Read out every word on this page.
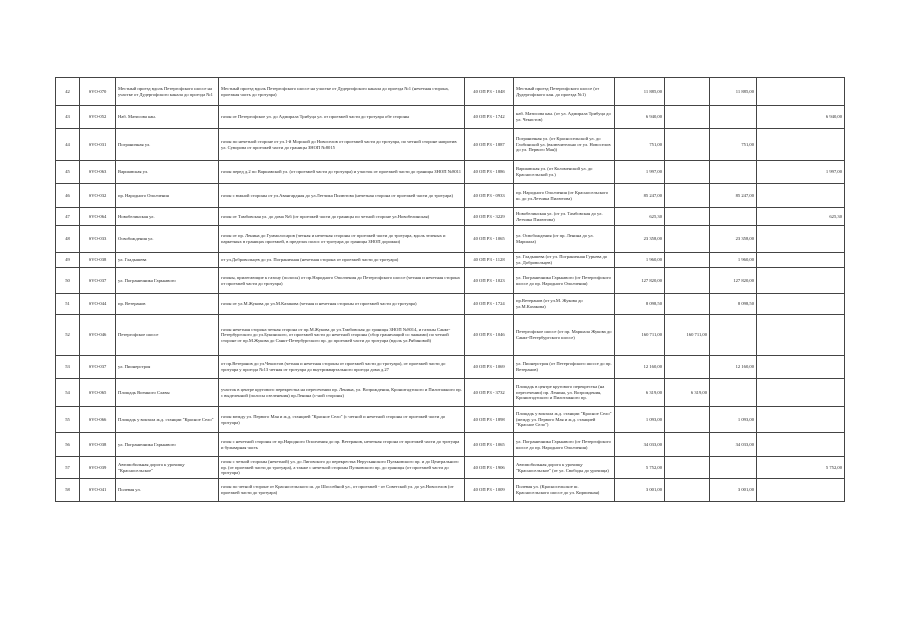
42	SVO-070	Местный проезд вдоль Петергофского шоссе на участке от Дудергофского канала до проезда №1	Местный проезд вдоль Петергофского шоссе на участке от Дудергофского канала до проезда №1 (нечетная сторона, проезжая часть до тротуара)	40 ОП РЗ - 1048	Местный проезд Петергофского шоссе (от Дудергофского кан. до проезда №1)	11 885,00		11 885,00	
43	SVO-052	Наб. Матисова кан.	газон от Петергофское ул. до Адмирала Трибуца ул. от проезжей части до тротуара обе стороны	40 ОП РЗ - 1742	наб. Матисова кан. (от ул. Адмирала Трибуца до ул. Чекистов)	6 940,00			6 940,00
44	SVO-031	Пограничная ул.	газон по нечетной стороне от ул.1-й Морской до Новоселов от проезжей части до тротуара, по четной стороне напротив ул. Суворова от проезжей части до границы ЗНОП №8015	40 ОП РЗ - 1887	Пограничная ул. (от Красносельской ул. до Глобинской ул. (включительно от ул. Новоселов до ул. Первого Мая))	751,00		751,00	
45	SVO-063	Варшавская ул.	газон перед д.2 по Варшавской ул. (от проезжей части до тротуара) и участок от проезжей части до границы ЗНОП №8011	40 ОП РЗ - 1886	Варшавская ул. (от Коломенской ул. до Красносельской ул.)	1 997,00			1 997,00
46	SVO-032	пр. Народного Ополчения	газон с южной стороны от ул.Авангардная до ул.Летчика Пилютова (нечетная сторона от проезжей части до тротуара)	40 ОП РЗ - 0933	пр. Народного Ополчения (от Красносельского ш. до ул.Летчика Пилютова)	85 247,00		85 247,00	
47	SVO-064	Новобелинская ул.	газон от Тамбовская ул. до дома №6 (от проезжей части до границы по четной стороне ул.Новобелинская)	40 ОП РЗ - 3229	Новобелинская ул. (от ул. Тамбовская до ул. Летчика Пилютова)	625,30			625,30
48	SVO-033	Освобождения ул.	газон от пр. Ленина до Гуммолосаров (четная и нечетная стороны от проезжей части до тротуара, вдоль зеленых и паркетных в границах проезжей, в пределах полос от тротуара до границы ЗНОП дорожки)	40 ОП РЗ - 1065	ул. Освобождения (от пр. Ленина до ул. Маршала)	23 358,00		23 358,00	
49	SVO-038	ул. Гладышева	от ул.Добровольцев до ул. Пограничная (нечетная сторона от проезжей части до тротуара)	40 ОП РЗ - 1128	ул. Гладышева (от ул. Пограничная Гурьева до ул. Добровольцев)	1 960,00		1 960,00	
50	SVO-037	ул. Пограничника Гарькавого	газоны, прилегающие к газону (полосы) от пр.Народного Ополчения до Петергофского шоссе (четная и нечетная сторона от проезжей части до тротуара)	40 ОП РЗ - 1023	ул. Пограничника Гарькавого (от Петергофского шоссе до пр. Народного Ополчения)	127 820,00		127 820,00	
51	SVO-044	пр. Ветеранов	газон от ул.М.Жукова до ул.М.Казакова (четная и нечетная стороны от проезжей части до тротуара)	40 ОП РЗ - 1724	пр.Ветеранов (от ул.М. Жукова до ул.М.Казакова)	8 098,50		8 098,50	
52	SVO-046	Петергофское шоссе	газон нечетная сторона четная сторона от пр.М.Жукова до ул.Тамбовская до границы ЗНОП №8014, и газоны Санкт-Петербургского до ул.Букинского, от проезжей части до нечетной стороны (сбор граничащий со знаками) по четной стороне от пр.М.Жукова до Санкт-Петербургского пр. до проезжей части до тротуара (вдоль ул.Рябиновой)	40 ОП РЗ - 1046	Петергофское шоссе (от пр. Маршала Жукова до Санкт-Петербургского шоссе)	160 711,00	160 711,00		
53	SVO-037	ул. Пионерстроя	от пр.Ветеранов до ул.Чекистов (четная и нечетная стороны от проезжей части до тротуара), от проезжей части до тротуара у проезда №13 четная от тротуара до внутриквартального проезда дома д.27	40 ОП РЗ - 1069	ул. Пионерстроя (от Петергофского шоссе до пр. Ветеранов)	12 160,00		12 160,00	
54	SVO-065	Площадь Военного Славы	участок в центре кругового перекрестка на пересечении пр. Ленина, ул. Возрождения, Кронштадтского и Пилотажного пр. с выделенной (полосы озеленения) пр.Ленина (с-ной стороны)	40 ОП РЗ - 3732	Площадь в центре кругового перекрестка (на пересечении) пр. Ленина, ул. Возрождения, Кронштадтского и Пилотажного пр.	6 319,00	6 319,00		
55	SVO-066	Площадь у вокзала ж.д. станции "Красное Село"	газон между ул. Первого Мая и ж.д. станцией "Красное Село" (с четной и нечетной стороны от проезжей части до тротуара)	40 ОП РЗ - 1898	Площадь у вокзала ж.д. станции "Красное Село" (между ул. Первого Мая и ж.д. станцией "Красное Село")	1 093,00		1 093,00	
56	SVO-038	ул. Пограничника Гарькавого	газон с нечетной стороны от пр.Народного Ополчения до пр. Ветеранов, нечетная сторона от проезжей части до тротуара и бульварная часть	40 ОП РЗ - 1065	ул. Пограничника Гарькавого (от Петергофского шоссе до пр. Народного Ополчения)	34 033,00		34 033,00	
57	SVO-039	Автомобильная дорога к урочищу "Красносельское"	газон с четной стороны (нечетной) ул. до Лиговского до перекрестка Нерусьянского Пульковского пр. и до Центрального пр. (от проезжей части до тротуара), а также с нечетной стороны Пулковского пр. до границы (от проезжей части до тротуара)	40 ОП РЗ - 1906	Автомобильная дорога к урочищу "Красносельское" (от ул. Свободы до урочища)	5 752,00			5 752,00
58	SVO-041	Полевая ул.	газон по четной стороне от Красносельского ш. до Шоссейной ул., от проезжей - от Советской ул. до ул.Новоселов (от проезжей части до тротуара)	40 ОП РЗ - 1009	Полевая ул. (Красносельское ш. Красносельского шоссе до ул. Кирпичная)	3 001,00		3 001,00	
